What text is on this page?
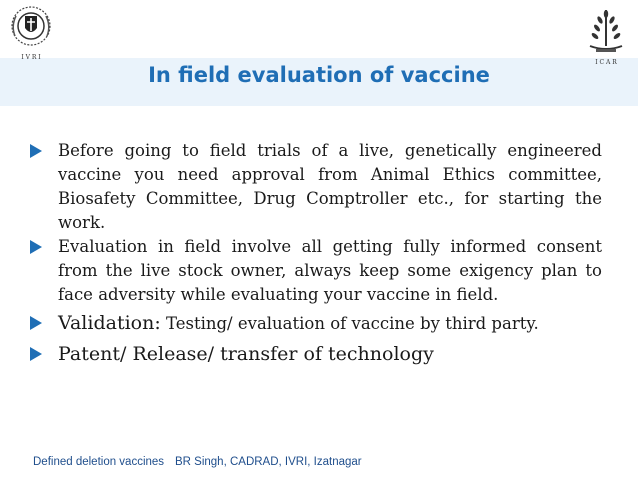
I V R I
I C A R
In field evaluation of vaccine
Before going to field trials of a live, genetically engineered vaccine you need approval from Animal Ethics committee, Biosafety Committee, Drug Comptroller etc., for starting the work.
Evaluation in field involve all getting fully informed consent from the live stock owner, always keep some exigency plan to face adversity while evaluating your vaccine in field.
Validation: Testing/ evaluation of vaccine by third party.
Patent/ Release/ transfer of technology
Defined deletion vaccines BR Singh, CADRAD, IVRI, Izatnagar
